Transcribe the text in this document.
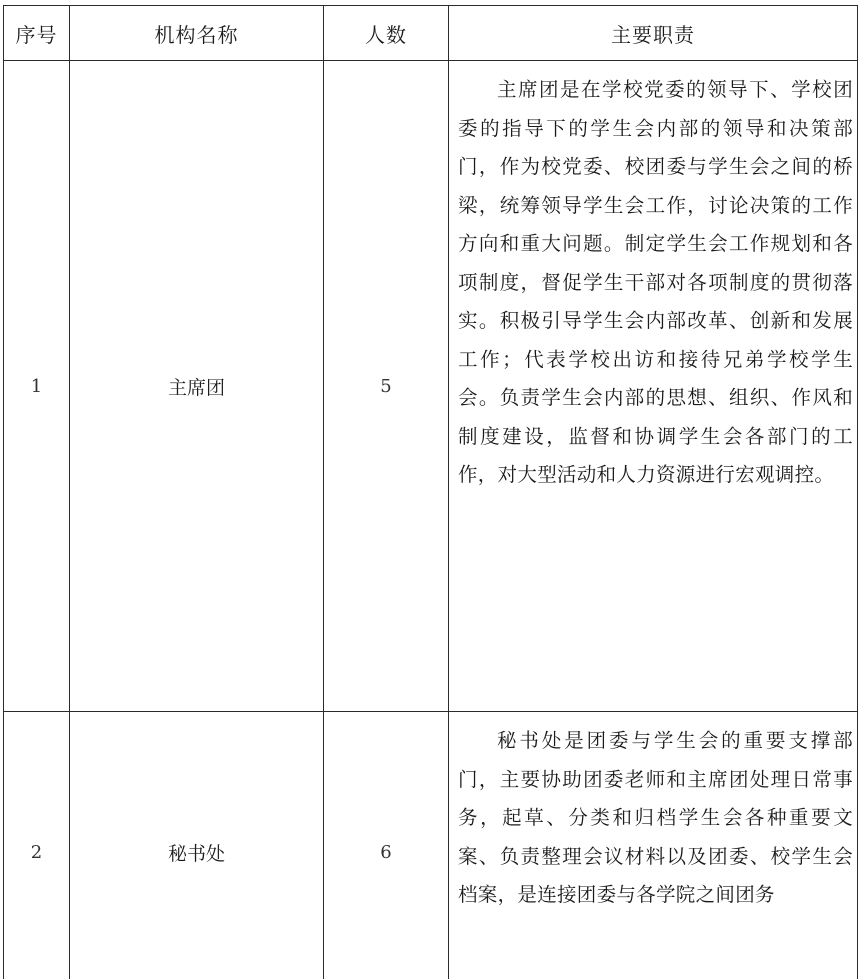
序号	机构名称	人数	主要职责
1	主席团	5	主席团是在学校党委的领导下、学校团委的指导下的学生会内部的领导和决策部门，作为校党委、校团委与学生会之间的桥梁，统筹领导学生会工作，讨论决策的工作方向和重大问题。制定学生会工作规划和各项制度，督促学生干部对各项制度的贯彻落实。积极引导学生会内部改革、创新和发展工作；代表学校出访和接待兄弟学校学生会。负责学生会内部的思想、组织、作风和制度建设，监督和协调学生会各部门的工作，对大型活动和人力资源进行宏观调控。

2	秘书处	6	秘书处是团委与学生会的重要支撑部门，主要协助团委老师和主席团处理日常事务，起草、分类和归档学生会各种重要文案、负责整理会议材料以及团委、校学生会档案，是连接团委与各学院之间团务
